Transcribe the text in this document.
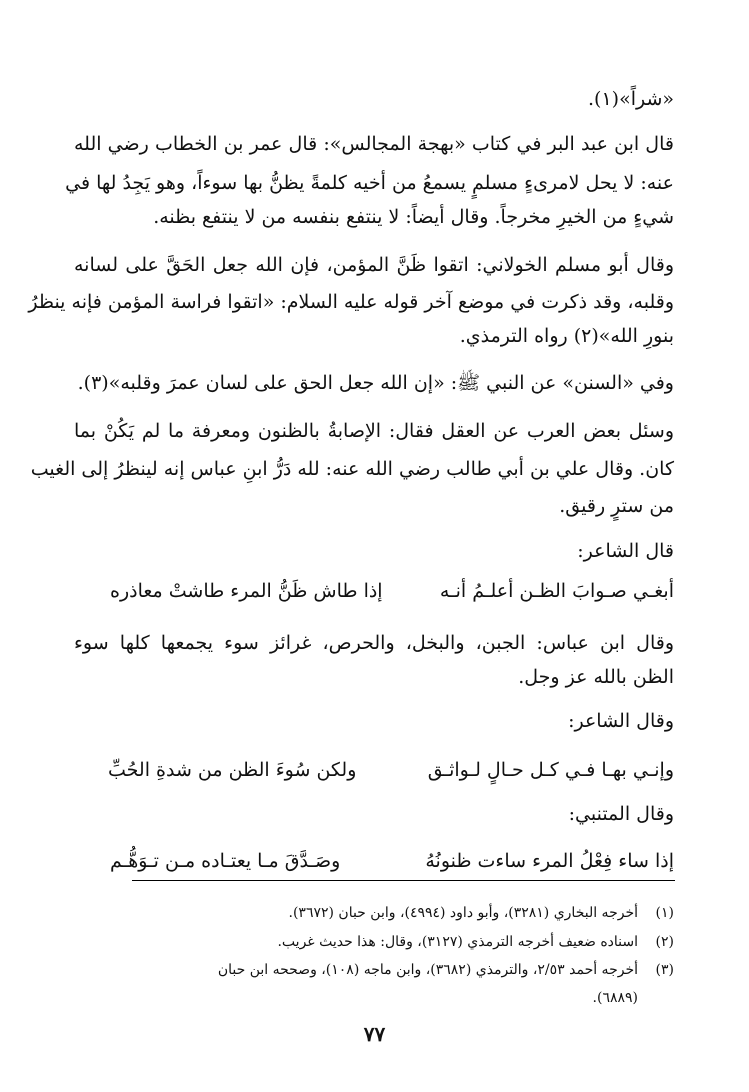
«شراً»(١).
قال ابن عبد البر في كتاب «بهجة المجالس»: قال عمر بن الخطاب رضي الله
عنه: لا يحل لامرىءٍ مسلمٍ يسمعُ من أخيه كلمةً يظنُّ بها سوءاً، وهو يَجِدُ لها في
شيءٍ من الخيرِ مخرجاً. وقال أيضاً: لا ينتفع بنفسه من لا ينتفع بظنه.
وقال أبو مسلم الخولاني: اتقوا ظَنَّ المؤمن، فإن الله جعل الحَقَّ على لسانه
وقلبه، وقد ذكرت في موضع آخر قوله عليه السلام: «اتقوا فراسة المؤمن فإنه ينظرُ
بنورِ الله»(٢) رواه الترمذي.
وفي «السنن» عن النبي ﷺ: «إن الله جعل الحق على لسان عمرَ وقلبه»(٣).
وسئل بعض العرب عن العقل فقال: الإصابةُ بالظنون ومعرفة ما لم يَكُنْ بما
كان. وقال علي بن أبي طالب رضي الله عنه: لله دَرُّ ابنِ عباس إنه لينظرُ إلى الغيب
من سترٍ رقيق.
قال الشاعر:
أبغـي صـوابَ الظـن أعلـمُ أنـه
إذا طاش ظَنُّ المرء طاشتْ معاذره
وقال ابن عباس: الجبن، والبخل، والحرص، غرائز سوء يجمعها كلها سوء
الظن بالله عز وجل.
وقال الشاعر:
وإنـي بهـا فـي كـل حـالٍ لـواثـق
ولكن سُوءَ الظن من شدةِ الحُبِّ
وقال المتنبي:
إذا ساء فِعْلُ المرء ساءت ظنونُهُ
وصَـدَّقَ مـا يعتـاده مـن تـوَهُّـم
(١)
أخرجه البخاري (٣٢٨١)، وأبو داود (٤٩٩٤)، وابن حبان (٣٦٧٢).
(٢)
اسناده ضعيف أخرجه الترمذي (٣١٢٧)، وقال: هذا حديث غريب.
(٣)
أخرجه أحمد ٢/٥٣، والترمذي (٣٦٨٢)، وابن ماجه (١٠٨)، وصححه ابن حبان
(٦٨٨٩).
٧٧
